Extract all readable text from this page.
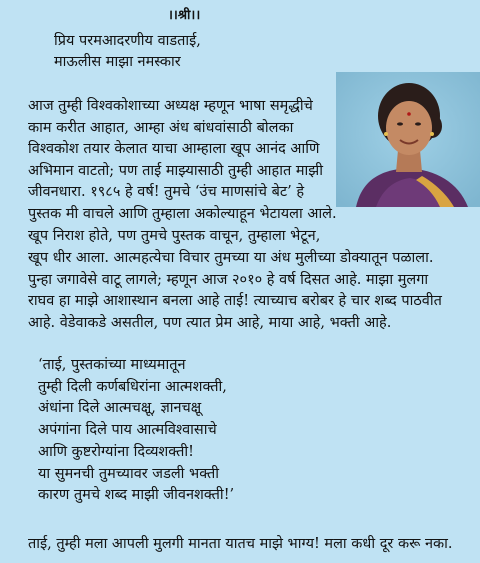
।।श्री।।
प्रिय परमआदरणीय वाडताई,
माऊलीस माझा नमस्कार
आज तुम्ही विश्वकोशाच्या अध्यक्ष म्हणून भाषा समृद्धीचे
काम करीत आहात, आम्हा अंध बांधवांसाठी बोलका
विश्वकोश तयार केलात याचा आम्हाला खूप आनंद आणि
अभिमान वाटतो; पण ताई माझ्यासाठी तुम्ही आहात माझी
जीवनधारा. १९८५ हे वर्ष! तुमचे ‘उंच माणसांचे बेट’ हे
पुस्तक मी वाचले आणि तुम्हाला अकोल्याहून भेटायला आले.
खूप निराश होते, पण तुमचे पुस्तक वाचून, तुम्हाला भेटून,
खूप धीर आला. आत्महत्येचा विचार तुमच्या या अंध मुलीच्या डोक्यातून पळाला.
पुन्हा जगावेसे वाटू लागले; म्हणून आज २०१० हे वर्ष दिसत आहे. माझा मुलगा
राघव हा माझे आशास्थान बनला आहे ताई! त्याच्याच बरोबर हे चार शब्द पाठवीत
आहे. वेडेवाकडे असतील, पण त्यात प्रेम आहे, माया आहे, भक्ती आहे.
‘ताई, पुस्तकांच्या माध्यमातून
तुम्ही दिली कर्णबधिरांना आत्मशक्ती,
अंधांना दिले आत्मचक्षू, ज्ञानचक्षू
अपंगांना दिले पाय आत्मविश्वासाचे
आणि कुष्टरोग्यांना दिव्यशक्ती!
या सुमनची तुमच्यावर जडली भक्ती
कारण तुमचे शब्द माझी जीवनशक्ती!’
ताई, तुम्ही मला आपली मुलगी मानता यातच माझे भाग्य! मला कधी दूर करू नका.
